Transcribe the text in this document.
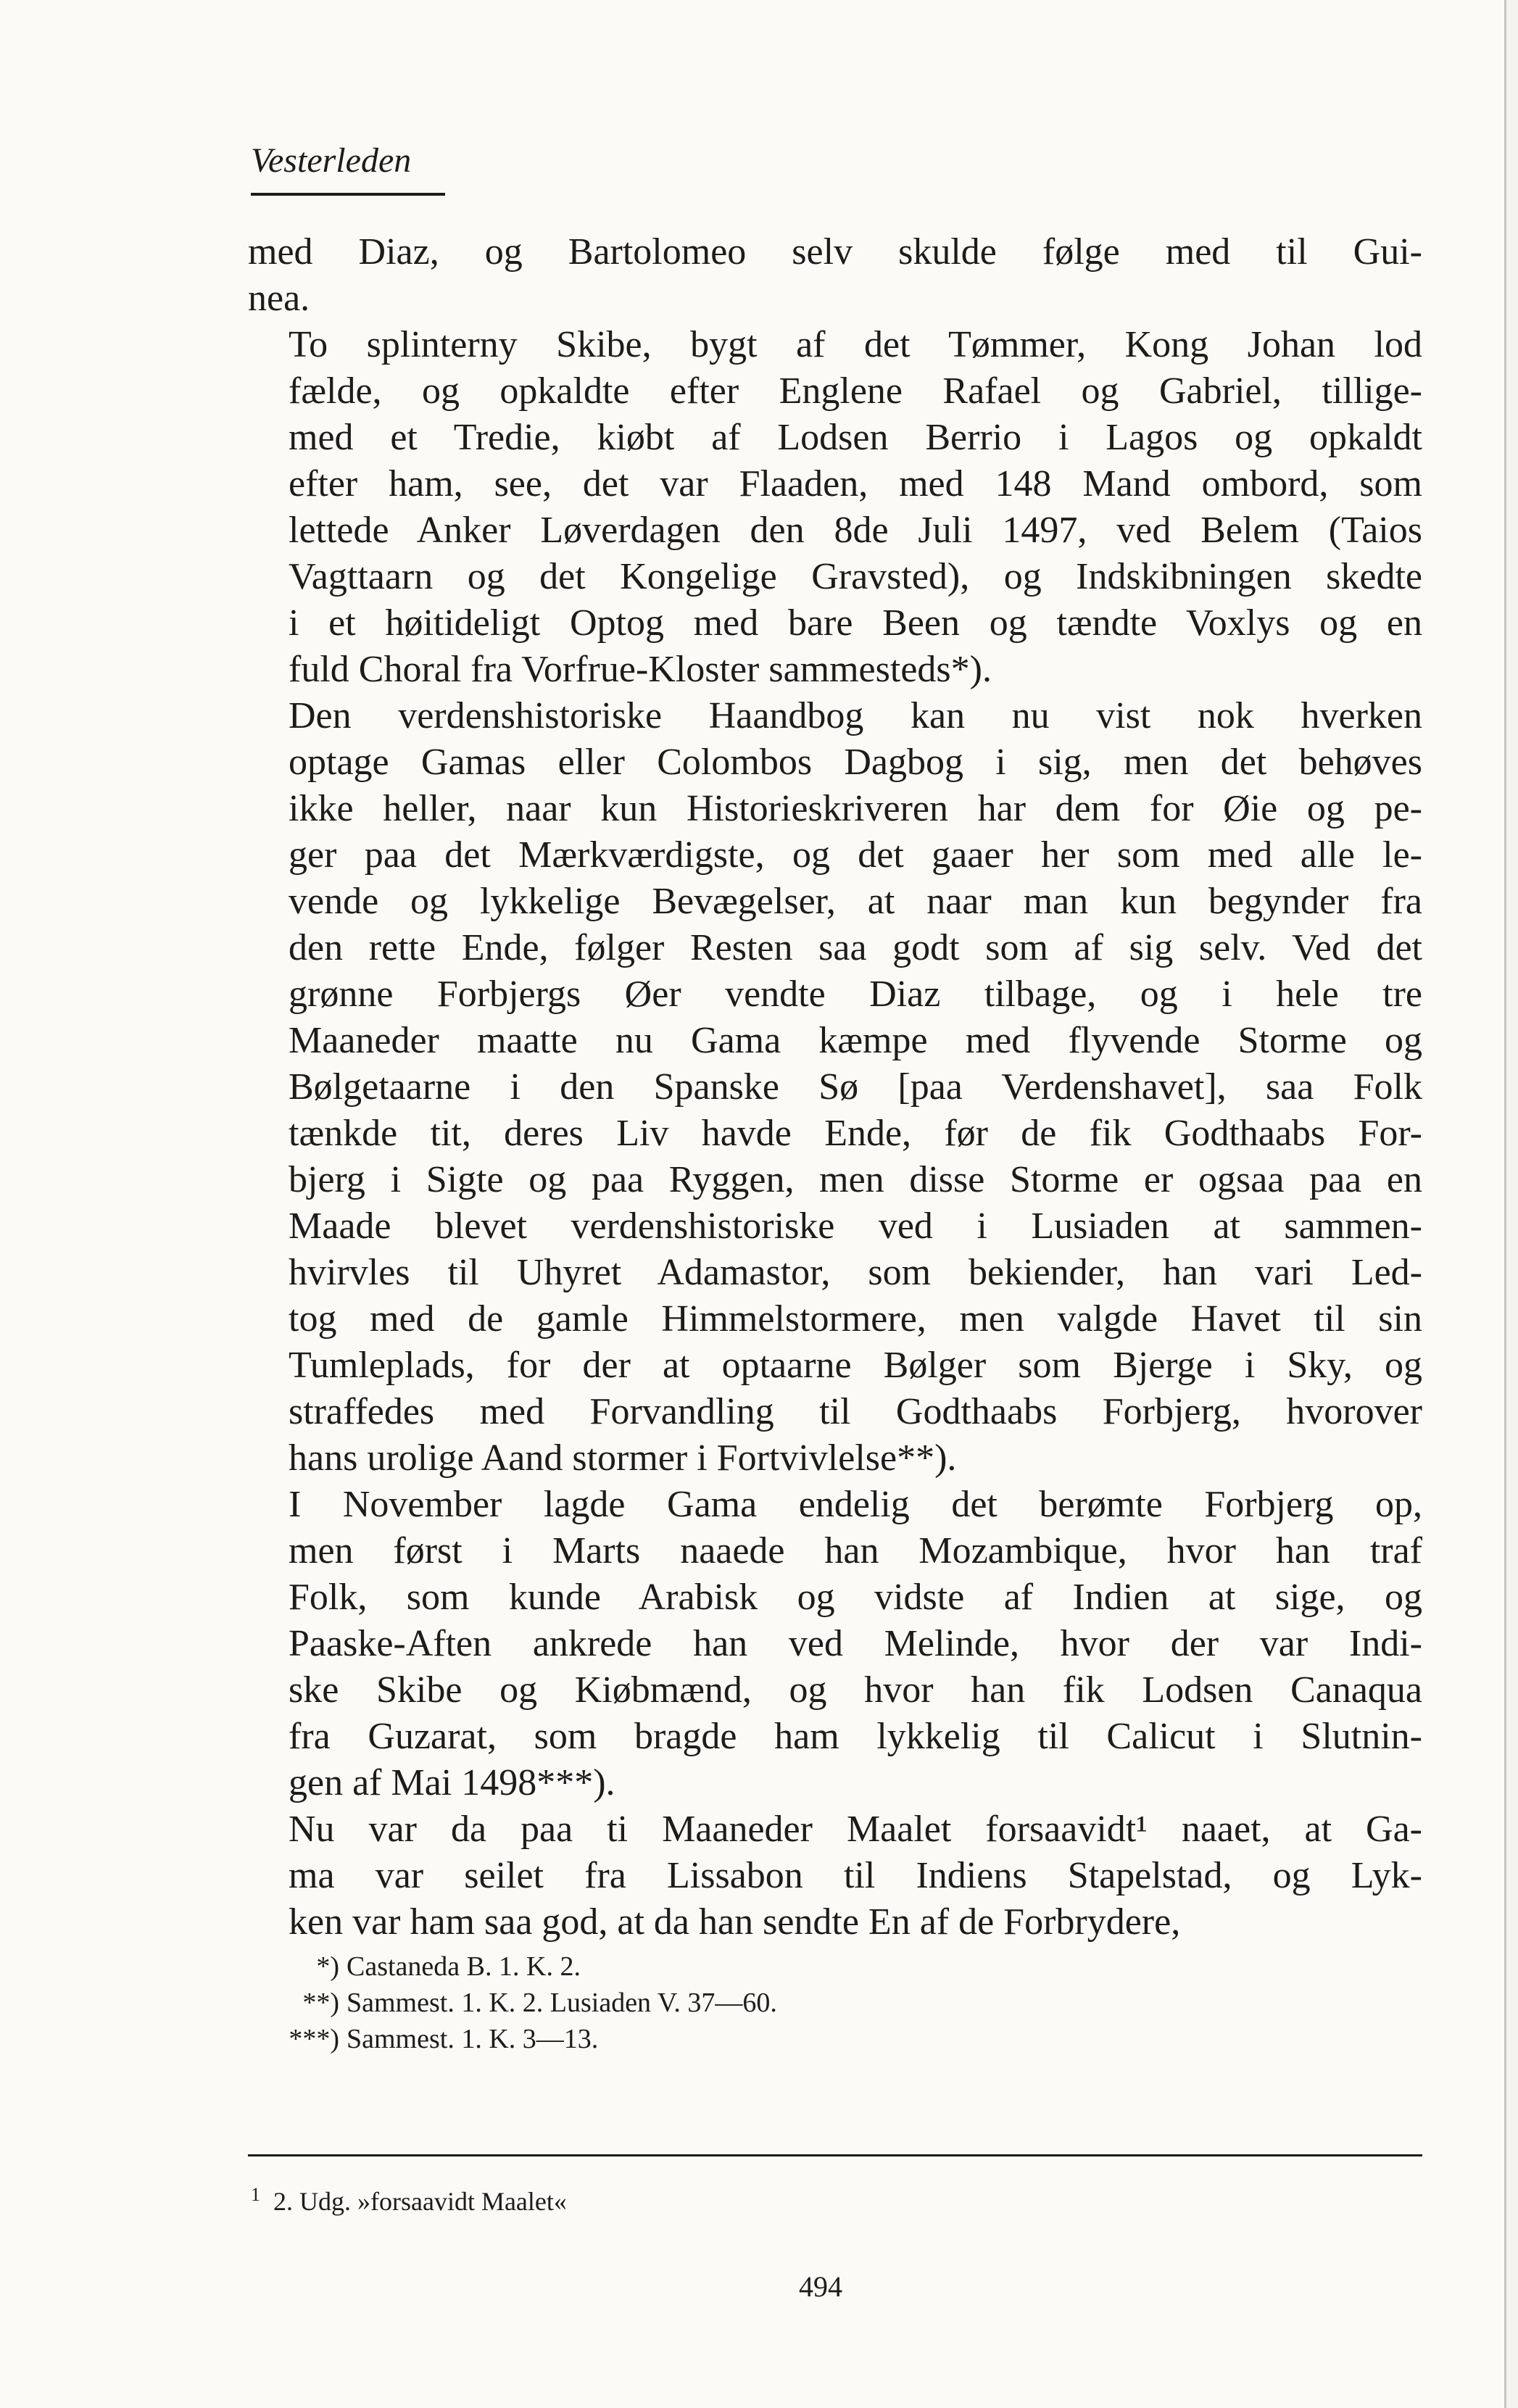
Vesterleden
med Diaz, og Bartolomeo selv skulde følge med til Gui-
nea.
To splinterny Skibe, bygt af det Tømmer, Kong Johan lod
fælde, og opkaldte efter Englene Rafael og Gabriel, tillige-
med et Tredie, kiøbt af Lodsen Berrio i Lagos og opkaldt
efter ham, see, det var Flaaden, med 148 Mand ombord, som
lettede Anker Løverdagen den 8de Juli 1497, ved Belem (Taios
Vagttaarn og det Kongelige Gravsted), og Indskibningen skedte
i et høitideligt Optog med bare Been og tændte Voxlys og en
fuld Choral fra Vorfrue-Kloster sammesteds*).
Den verdenshistoriske Haandbog kan nu vist nok hverken
optage Gamas eller Colombos Dagbog i sig, men det behøves
ikke heller, naar kun Historieskriveren har dem for Øie og pe-
ger paa det Mærkværdigste, og det gaaer her som med alle le-
vende og lykkelige Bevægelser, at naar man kun begynder fra
den rette Ende, følger Resten saa godt som af sig selv. Ved det
grønne Forbjergs Øer vendte Diaz tilbage, og i hele tre
Maaneder maatte nu Gama kæmpe med flyvende Storme og
Bølgetaarne i den Spanske Sø [paa Verdenshavet], saa Folk
tænkde tit, deres Liv havde Ende, før de fik Godthaabs For-
bjerg i Sigte og paa Ryggen, men disse Storme er ogsaa paa en
Maade blevet verdenshistoriske ved i Lusiaden at sammen-
hvirvles til Uhyret Adamastor, som bekiender, han vari Led-
tog med de gamle Himmelstormere, men valgde Havet til sin
Tumleplads, for der at optaarne Bølger som Bjerge i Sky, og
straffedes med Forvandling til Godthaabs Forbjerg, hvorover
hans urolige Aand stormer i Fortvivlelse**).
I November lagde Gama endelig det berømte Forbjerg op,
men først i Marts naaede han Mozambique, hvor han traf
Folk, som kunde Arabisk og vidste af Indien at sige, og
Paaske-Aften ankrede han ved Melinde, hvor der var Indi-
ske Skibe og Kiøbmænd, og hvor han fik Lodsen Canaqua
fra Guzarat, som bragde ham lykkelig til Calicut i Slutnin-
gen af Mai 1498***).
Nu var da paa ti Maaneder Maalet forsaavidt¹ naaet, at Ga-
ma var seilet fra Lissabon til Indiens Stapelstad, og Lyk-
ken var ham saa god, at da han sendte En af de Forbrydere,
*) Castaneda B. 1. K. 2.
**) Sammest. 1. K. 2. Lusiaden V. 37—60.
***) Sammest. 1. K. 3—13.
$^1$ 2. Udg. »forsaavidt Maalet«
494
